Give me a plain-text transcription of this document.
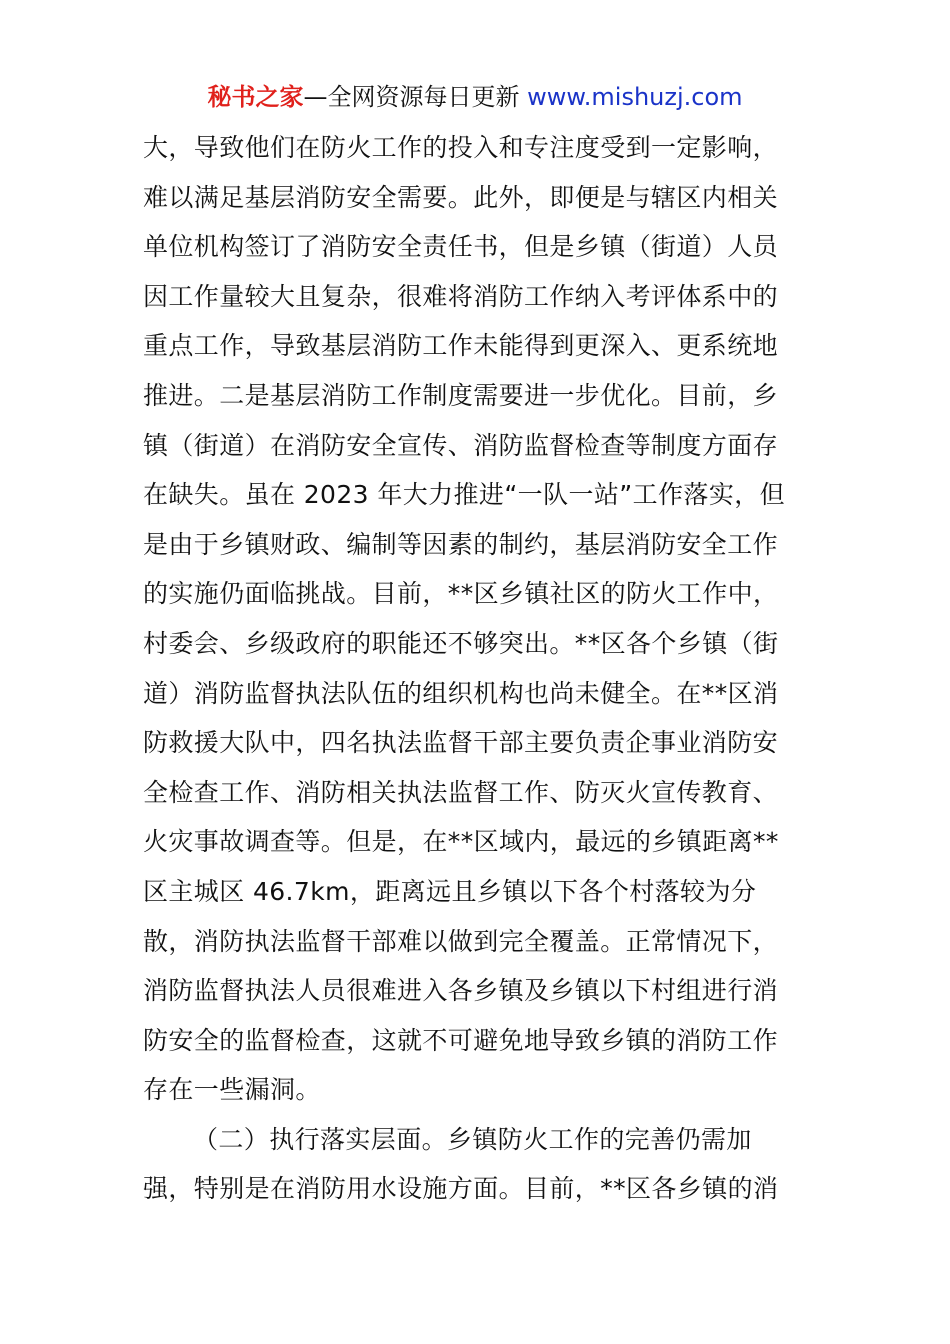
秘书之家—全网资源每日更新 www.mishuzj.com
大，导致他们在防火工作的投入和专注度受到一定影响，
难以满足基层消防安全需要。此外，即便是与辖区内相关
单位机构签订了消防安全责任书，但是乡镇（街道）人员
因工作量较大且复杂，很难将消防工作纳入考评体系中的
重点工作，导致基层消防工作未能得到更深入、更系统地
推进。二是基层消防工作制度需要进一步优化。目前，乡
镇（街道）在消防安全宣传、消防监督检查等制度方面存
在缺失。虽在 2023 年大力推进“一队一站”工作落实，但
是由于乡镇财政、编制等因素的制约，基层消防安全工作
的实施仍面临挑战。目前，**区乡镇社区的防火工作中，
村委会、乡级政府的职能还不够突出。**区各个乡镇（街
道）消防监督执法队伍的组织机构也尚未健全。在**区消
防救援大队中，四名执法监督干部主要负责企事业消防安
全检查工作、消防相关执法监督工作、防灭火宣传教育、
火灾事故调查等。但是，在**区域内，最远的乡镇距离**
区主城区 46.7km，距离远且乡镇以下各个村落较为分
散，消防执法监督干部难以做到完全覆盖。正常情况下，
消防监督执法人员很难进入各乡镇及乡镇以下村组进行消
防安全的监督检查，这就不可避免地导致乡镇的消防工作
存在一些漏洞。
（二）执行落实层面。乡镇防火工作的完善仍需加
强，特别是在消防用水设施方面。目前，**区各乡镇的消
